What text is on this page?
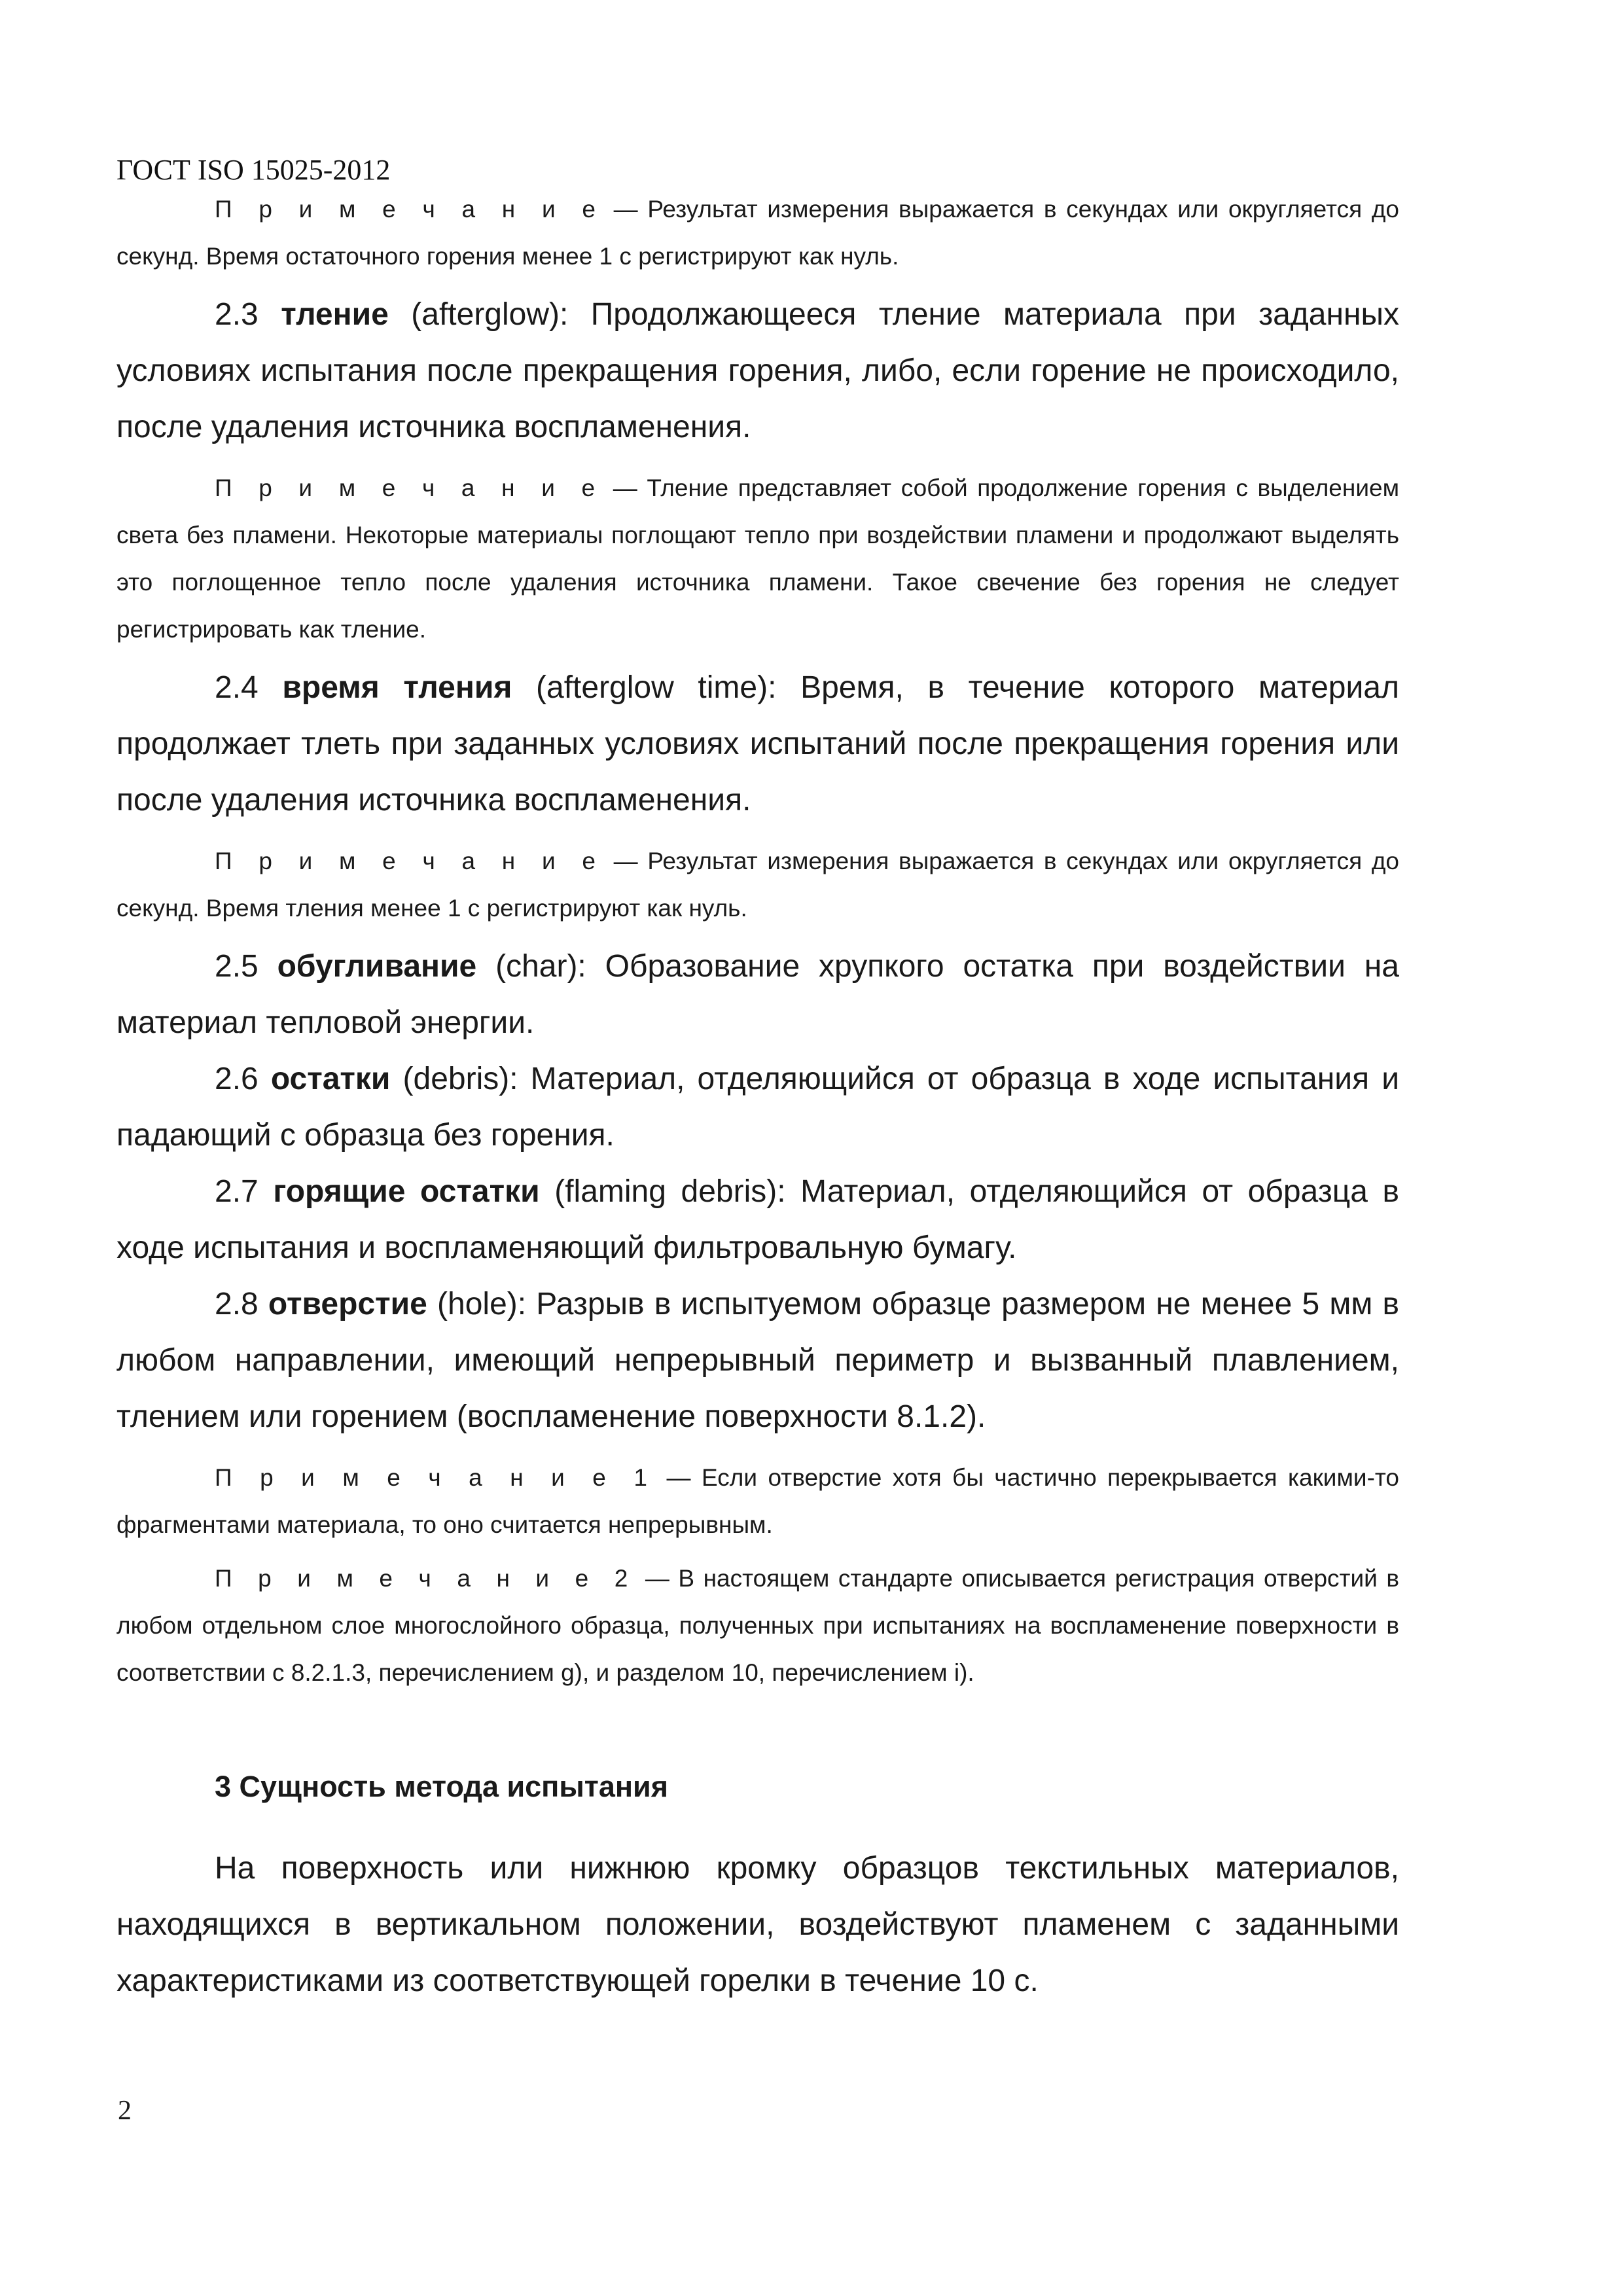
ГОСТ ISO 15025-2012

П р и м е ч а н и е — Результат измерения выражается в секундах или округляется до секунд. Время остаточного горения менее 1 с регистрируют как нуль.

2.3 тление (afterglow): Продолжающееся тление материала при заданных условиях испытания после прекращения горения, либо, если горение не происходило, после удаления источника воспламенения.

П р и м е ч а н и е — Тление представляет собой продолжение горения с выделением света без пламени. Некоторые материалы поглощают тепло при воздействии пламени и продолжают выделять это поглощенное тепло после удаления источника пламени. Такое свечение без горения не следует регистрировать как тление.

2.4 время тления (afterglow time): Время, в течение которого материал продолжает тлеть при заданных условиях испытаний после прекращения горения или после удаления источника воспламенения.

П р и м е ч а н и е — Результат измерения выражается в секундах или округляется до секунд. Время тления менее 1 с регистрируют как нуль.

2.5 обугливание (char): Образование хрупкого остатка при воздействии на материал тепловой энергии.

2.6 остатки (debris): Материал, отделяющийся от образца в ходе испытания и падающий с образца без горения.

2.7 горящие остатки (flaming debris): Материал, отделяющийся от образца в ходе испытания и воспламеняющий фильтровальную бумагу.

2.8 отверстие (hole): Разрыв в испытуемом образце размером не менее 5 мм в любом направлении, имеющий непрерывный периметр и вызванный плавлением, тлением или горением (воспламенение поверхности 8.1.2).

П р и м е ч а н и е 1 — Если отверстие хотя бы частично перекрывается какими-то фрагментами материала, то оно считается непрерывным.

П р и м е ч а н и е 2 — В настоящем стандарте описывается регистрация отверстий в любом отдельном слое многослойного образца, полученных при испытаниях на воспламенение поверхности в соответствии с 8.2.1.3, перечислением g), и разделом 10, перечислением i).

3 Сущность метода испытания

На поверхность или нижнюю кромку образцов текстильных материалов, находящихся в вертикальном положении, воздействуют пламенем с заданными характеристиками из соответствующей горелки в течение 10 с.

2
